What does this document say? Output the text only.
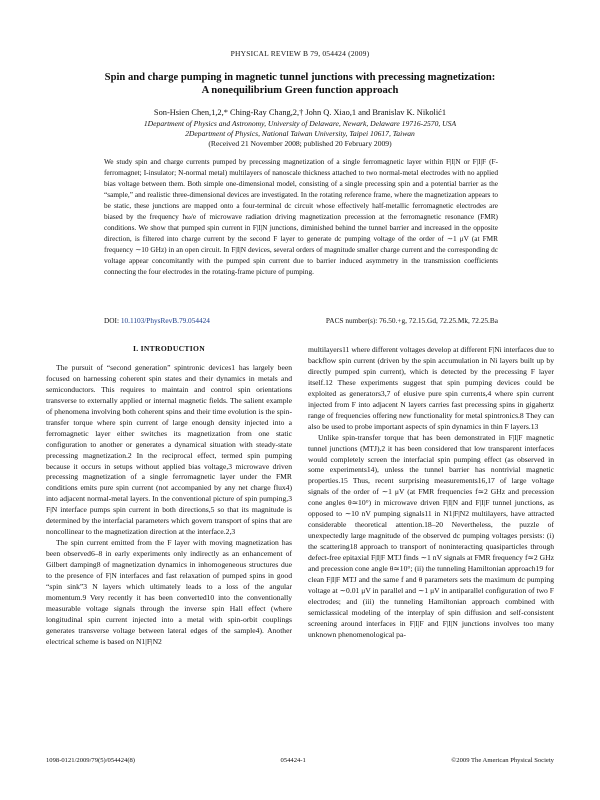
PHYSICAL REVIEW B 79, 054424 (2009)
Spin and charge pumping in magnetic tunnel junctions with precessing magnetization:
A nonequilibrium Green function approach
Son-Hsien Chen,1,2,* Ching-Ray Chang,2,† John Q. Xiao,1 and Branislav K. Nikolić1
1Department of Physics and Astronomy, University of Delaware, Newark, Delaware 19716-2570, USA
2Department of Physics, National Taiwan University, Taipei 10617, Taiwan
(Received 21 November 2008; published 20 February 2009)
We study spin and charge currents pumped by precessing magnetization of a single ferromagnetic layer within F|I|N or F|I|F (F-ferromagnet; I-insulator; N-normal metal) multilayers of nanoscale thickness attached to two normal-metal electrodes with no applied bias voltage between them. Both simple one-dimensional model, consisting of a single precessing spin and a potential barrier as the “sample,” and realistic three-dimensional devices are investigated. In the rotating reference frame, where the magnetization appears to be static, these junctions are mapped onto a four-terminal dc circuit whose effectively half-metallic ferromagnetic electrodes are biased by the frequency ħω/e of microwave radiation driving magnetization precession at the ferromagnetic resonance (FMR) conditions. We show that pumped spin current in F|I|N junctions, diminished behind the tunnel barrier and increased in the opposite direction, is filtered into charge current by the second F layer to generate dc pumping voltage of the order of ∼1 μV (at FMR frequency ∼10 GHz) in an open circuit. In F|I|N devices, several orders of magnitude smaller charge current and the corresponding dc voltage appear concomitantly with the pumped spin current due to barrier induced asymmetry in the transmission coefficients connecting the four electrodes in the rotating-frame picture of pumping.
DOI: 10.1103/PhysRevB.79.054424	PACS number(s): 76.50.+g, 72.15.Gd, 72.25.Mk, 72.25.Ba
I. INTRODUCTION

The pursuit of “second generation” spintronic devices1 has largely been focused on harnessing coherent spin states and their dynamics in metals and semiconductors. This requires to maintain and control spin orientations transverse to externally applied or internal magnetic fields. The salient example of phenomena involving both coherent spins and their time evolution is the spin-transfer torque where spin current of large enough density injected into a ferromagnetic layer either switches its magnetization from one static configuration to another or generates a dynamical situation with steady-state precessing magnetization.2 In the reciprocal effect, termed spin pumping because it occurs in setups without applied bias voltage,3 microwave driven precessing magnetization of a single ferromagnetic layer under the FMR conditions emits pure spin current (not accompanied by any net charge flux4) into adjacent normal-metal layers. In the conventional picture of spin pumping,3 F|N interface pumps spin current in both directions,5 so that its magnitude is determined by the interfacial parameters which govern transport of spins that are noncollinear to the magnetization direction at the interface.2,3

The spin current emitted from the F layer with moving magnetization has been observed6–8 in early experiments only indirectly as an enhancement of Gilbert damping8 of magnetization dynamics in inhomogeneous structures due to the presence of F|N interfaces and fast relaxation of pumped spins in good “spin sink”3 N layers which ultimately leads to a loss of the angular momentum.9 Very recently it has been converted10 into the conventionally measurable voltage signals through the inverse spin Hall effect (where longitudinal spin current injected into a metal with spin-orbit couplings generates transverse voltage between lateral edges of the sample4). Another electrical scheme is based on N1|F|N2

multilayers11 where different voltages develop at different F|Ni interfaces due to backflow spin current (driven by the spin accumulation in Ni layers built up by directly pumped spin current), which is detected by the precessing F layer itself.12 These experiments suggest that spin pumping devices could be exploited as generators3,7 of elusive pure spin currents,4 where spin current injected from F into adjacent N layers carries fast precessing spins in gigahertz range of frequencies offering new functionality for metal spintronics.8 They can also be used to probe important aspects of spin dynamics in thin F layers.13

Unlike spin-transfer torque that has been demonstrated in F|I|F magnetic tunnel junctions (MTJ),2 it has been considered that low transparent interfaces would completely screen the interfacial spin pumping effect (as observed in some experiments14), unless the tunnel barrier has nontrivial magnetic properties.15 Thus, recent surprising measurements16,17 of large voltage signals of the order of ∼1 μV (at FMR frequencies f≃2 GHz and precession cone angles θ≃10°) in microwave driven F|I|N and F|I|F tunnel junctions, as opposed to ∼10 nV pumping signals11 in N1|F|N2 multilayers, have attracted considerable theoretical attention.18–20 Nevertheless, the puzzle of unexpectedly large magnitude of the observed dc pumping voltages persists: (i) the scattering18 approach to transport of noninteracting quasiparticles through defect-free epitaxial F|I|F MTJ finds ∼1 nV signals at FMR frequency f≃2 GHz and precession cone angle θ≃10°; (ii) the tunneling Hamiltonian approach19 for clean F|I|F MTJ and the same f and θ parameters sets the maximum dc pumping voltage at ∼0.01 μV in parallel and ∼1 μV in antiparallel configuration of two F electrodes; and (iii) the tunneling Hamiltonian approach combined with semiclassical modeling of the interplay of spin diffusion and self-consistent screening around interfaces in F|I|F and F|I|N junctions involves too many unknown phenomenological pa-

1098-0121/2009/79(5)/054424(8)	054424-1	©2009 The American Physical Society
